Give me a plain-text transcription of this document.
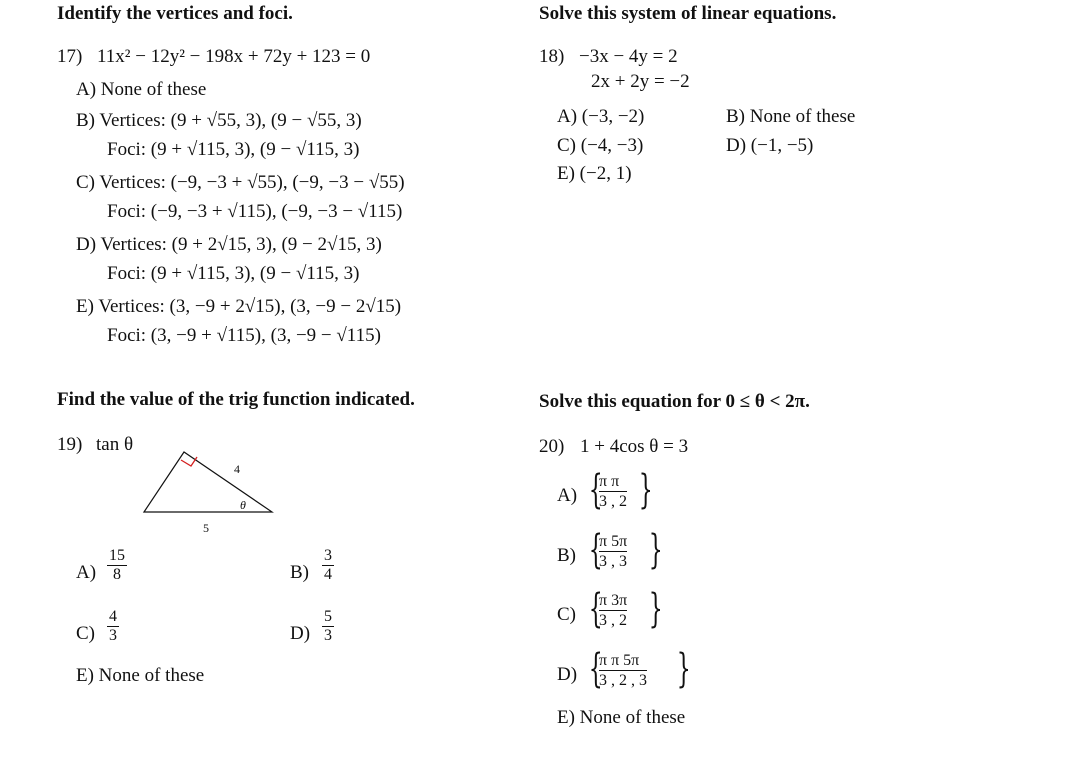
Identify the vertices and foci.	Solve this system of linear equations.
Find the value of the trig function indicated.	Solve this equation for 0 ≤ θ < 2π.
17) 11x² − 12y² − 198x + 72y + 123 = 0
A) None of these
B) Vertices: (9 + √55, 3), (9 − √55, 3)
Foci: (9 + √115, 3), (9 − √115, 3)
C) Vertices: (−9, −3 + √55), (−9, −3 − √55)
Foci: (−9, −3 + √115), (−9, −3 − √115)
D) Vertices: (9 + 2√15, 3), (9 − 2√15, 3)
Foci: (9 + √115, 3), (9 − √115, 3)
E) Vertices: (3, −9 + 2√15), (3, −9 − 2√15)
Foci: (3, −9 + √115), (3, −9 − √115)
18) −3x − 4y = 2
2x + 2y = −2
A) (−3, −2)	B) None of these
C) (−4, −3)	D) (−1, −5)
E) (−2, 1)
19) tan θ
4
θ
5
$A) \frac{15}{8}$	$B) \frac{3}{4}$
$C) \frac{4}{3}$	$D) \frac{5}{3}$
E) None of these
20) 1 + 4cos θ = 3
A) {
π π
3 , 2 }
B) {
π 5π
3 , 3 }
C) {
π 3π
3 , 2 }
D) {
π π 5π
3 , 2 , 3 }
E) None of these
